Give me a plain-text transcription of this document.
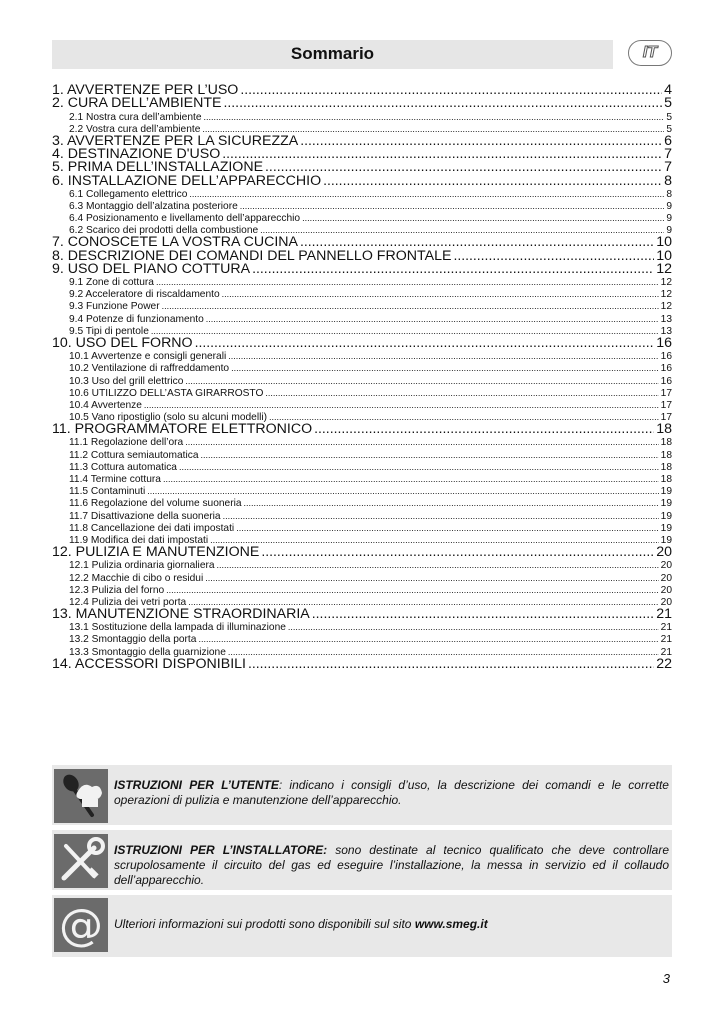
Sommario	IT
1. AVVERTENZE PER L’USO .....	4
2. CURA DELL’AMBIENTE .....	5
2.1 Nostra cura dell’ambiente .....	5
2.2 Vostra cura dell’ambiente .....	5
3. AVVERTENZE PER LA SICUREZZA .....	6
4. DESTINAZIONE D'USO .....	7
5. PRIMA DELL’INSTALLAZIONE .....	7
6. INSTALLAZIONE DELL’APPARECCHIO .....	8
6.1 Collegamento elettrico .....	8
6.3 Montaggio dell’alzatina posteriore .....	9
6.4 Posizionamento e livellamento dell’apparecchio .....	9
6.2 Scarico dei prodotti della combustione .....	9
7. CONOSCETE LA VOSTRA CUCINA .....	10
8. DESCRIZIONE DEI COMANDI DEL PANNELLO FRONTALE .....	10
9. USO DEL PIANO COTTURA .....	12
9.1 Zone di cottura .....	12
9.2 Acceleratore di riscaldamento .....	12
9.3 Funzione Power .....	12
9.4 Potenze di funzionamento .....	13
9.5 Tipi di pentole .....	13
10. USO DEL FORNO .....	16
10.1 Avvertenze e consigli generali .....	16
10.2 Ventilazione di raffreddamento .....	16
10.3 Uso del grill elettrico .....	16
10.6 UTILIZZO DELL’ASTA GIRARROSTO .....	17
10.4 Avvertenze .....	17
10.5 Vano ripostiglio (solo su alcuni modelli) .....	17
11. PROGRAMMATORE ELETTRONICO .....	18
11.1 Regolazione dell’ora .....	18
11.2 Cottura semiautomatica .....	18
11.3 Cottura automatica .....	18
11.4 Termine cottura .....	18
11.5 Contaminuti .....	19
11.6 Regolazione del volume suoneria .....	19
11.7 Disattivazione della suoneria .....	19
11.8 Cancellazione dei dati impostati .....	19
11.9 Modifica dei dati impostati .....	19
12. PULIZIA E MANUTENZIONE .....	20
12.1 Pulizia ordinaria giornaliera .....	20
12.2 Macchie di cibo o residui .....	20
12.3 Pulizia del forno .....	20
12.4 Pulizia dei vetri porta .....	20
13. MANUTENZIONE STRAORDINARIA .....	21
13.1 Sostituzione della lampada di illuminazione .....	21
13.2 Smontaggio della porta .....	21
13.3 Smontaggio della guarnizione .....	21
14. ACCESSORI DISPONIBILI .....	22
ISTRUZIONI PER L’UTENTE: indicano i consigli d’uso, la descrizione dei comandi e le corrette operazioni di pulizia e manutenzione dell’apparecchio.
ISTRUZIONI PER L’INSTALLATORE: sono destinate al tecnico qualificato che deve controllare scrupolosamente il circuito del gas ed eseguire l’installazione, la messa in servizio ed il collaudo dell’apparecchio.
@ Ulteriori informazioni sui prodotti sono disponibili sul sito www.smeg.it
3
